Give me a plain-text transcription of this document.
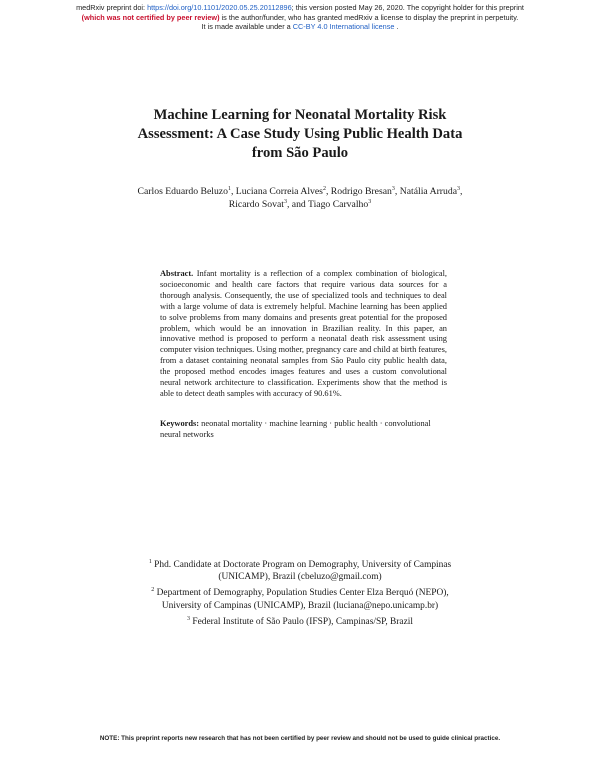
medRxiv preprint doi: https://doi.org/10.1101/2020.05.25.20112896; this version posted May 26, 2020. The copyright holder for this preprint
(which was not certified by peer review) is the author/funder, who has granted medRxiv a license to display the preprint in perpetuity.
It is made available under a CC-BY 4.0 International license .
Machine Learning for Neonatal Mortality Risk
Assessment: A Case Study Using Public Health Data
from São Paulo
Carlos Eduardo Beluzo$^1$, Luciana Correia Alves$^2$, Rodrigo Bresan$^3$, Natália Arruda$^3$,
Ricardo Sovat$^3$, and Tiago Carvalho$^3$
Abstract. Infant mortality is a reflection of a complex combination of biological, socioeconomic and health care factors that require various data sources for a thorough analysis. Consequently, the use of specialized tools and techniques to deal with a large volume of data is extremely helpful. Machine learning has been applied to solve problems from many domains and presents great potential for the proposed problem, which would be an innovation in Brazilian reality. In this paper, an innovative method is proposed to perform a neonatal death risk assessment using computer vision techniques. Using mother, pregnancy care and child at birth features, from a dataset containing neonatal samples from São Paulo city public health data, the proposed method encodes images features and uses a custom convolutional neural network architecture to classification. Experiments show that the method is able to detect death samples with accuracy of 90.61%.
Keywords: neonatal mortality · machine learning · public health · convolutional neural networks
$^1$ Phd. Candidate at Doctorate Program on Demography, University of Campinas
(UNICAMP), Brazil (cbeluzo@gmail.com)
$^2$ Department of Demography, Population Studies Center Elza Berquó (NEPO),
University of Campinas (UNICAMP), Brazil (luciana@nepo.unicamp.br)
$^3$ Federal Institute of São Paulo (IFSP), Campinas/SP, Brazil
NOTE: This preprint reports new research that has not been certified by peer review and should not be used to guide clinical practice.
